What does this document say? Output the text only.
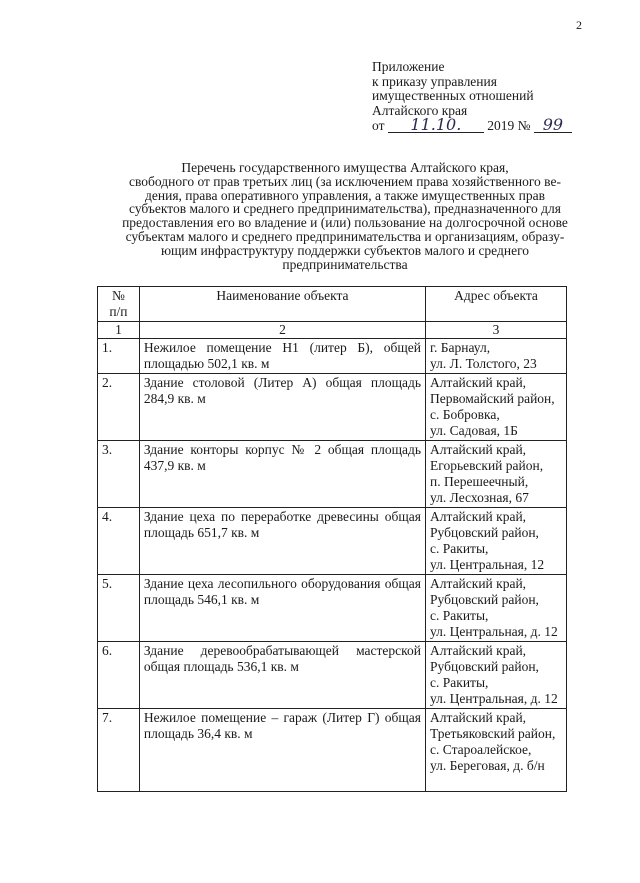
2
Приложение
к приказу управления
имущественных отношений
Алтайского края
от 11.10. 2019 № 99
Перечень государственного имущества Алтайского края,
свободного от прав третьих лиц (за исключением права хозяйственного ве-
дения, права оперативного управления, а также имущественных прав
субъектов малого и среднего предпринимательства), предназначенного для
предоставления его во владение и (или) пользование на долгосрочной основе
субъектам малого и среднего предпринимательства и организациям, образу-
ющим инфраструктуру поддержки субъектов малого и среднего
предпринимательства
№
п/п	Наименование объекта	Адрес объекта
1	2	3
1.	Нежилое помещение Н1 (литер Б), общей площадью 502,1 кв. м	г. Барнаул,
ул. Л. Толстого, 23

2.	Здание столовой (Литер А) общая площадь 284,9 кв. м	Алтайский край,
Первомайский район,
с. Бобровка,
ул. Садовая, 1Б

3.	Здание конторы корпус № 2 общая площадь 437,9 кв. м	Алтайский край,
Егорьевский район,
п. Перешеечный,
ул. Лесхозная, 67

4.	Здание цеха по переработке древесины общая площадь 651,7 кв. м	Алтайский край,
Рубцовский район,
с. Ракиты,
ул. Центральная, 12

5.	Здание цеха лесопильного оборудования общая площадь 546,1 кв. м	Алтайский край,
Рубцовский район,
с. Ракиты,
ул. Центральная, д. 12

6.	Здание деревообрабатывающей мастерской общая площадь 536,1 кв. м	Алтайский край,
Рубцовский район,
с. Ракиты,
ул. Центральная, д. 12

7.	Нежилое помещение – гараж (Литер Г) общая площадь 36,4 кв. м	Алтайский край,
Третьяковский район,
с. Староалейское,
ул. Береговая, д. б/н
